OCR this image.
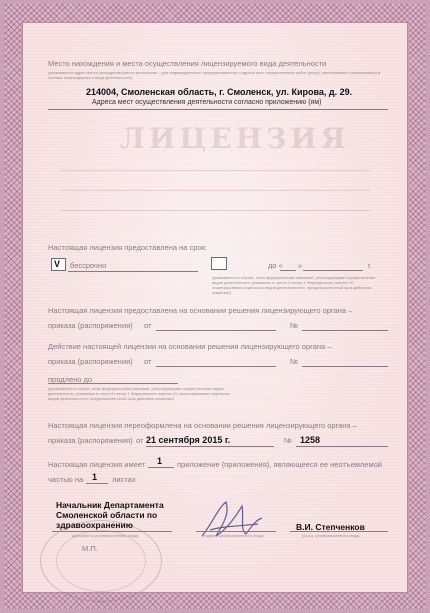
ЛИЦЕНЗИЯ
Место нахождения и места осуществления лицензируемого вида деятельности
(указываются адрес места нахождения (место жительства – для индивидуального предпринимателя) и адреса мест осуществления работ (услуг), выполняемых (оказываемых) в составе лицензируемого вида деятельности)
214004, Смоленская область, г. Смоленск, ул. Кирова, д. 29.
Адреса мест осуществления деятельности согласно приложению (ям)
Настоящая лицензия предоставлена на срок:
V бессрочно	до « »	г.
(указывается в случае, если федеральными законами, регулирующими осуществление видов деятельности, указанных в части 4 статьи 1 Федерального закона «О лицензировании отдельных видов деятельности», предусмотрен иной срок действия лицензии)
Настоящая лицензия предоставлена на основании решения лицензирующего органа –
приказа (распоряжения) от	№
Действие настоящей лицензии на основании решения лицензирующего органа –
приказа (распоряжения) от	№
продлено до
(указывается в случае, если федеральными законами, регулирующими осуществление видов деятельности, указанных в части 4 статьи 1 Федерального закона «О лицензировании отдельных видов деятельности», предусмотрен иной срок действия лицензии)
Настоящая лицензия переоформлена на основании решения лицензирующего органа –
приказа (распоряжения) от 21 сентября 2015 г.	№ 1258
Настоящая лицензия имеет 1 приложение (приложения), являющееся ее неотъемлемой
частью на 1 листах
Начальник Департамента Смоленской области по здравоохранению
(должность уполномоченного лица)	(подпись уполномоченного лица)
В.И. Степченков
(ф.и.о. уполномоченного лица)
М.П.
